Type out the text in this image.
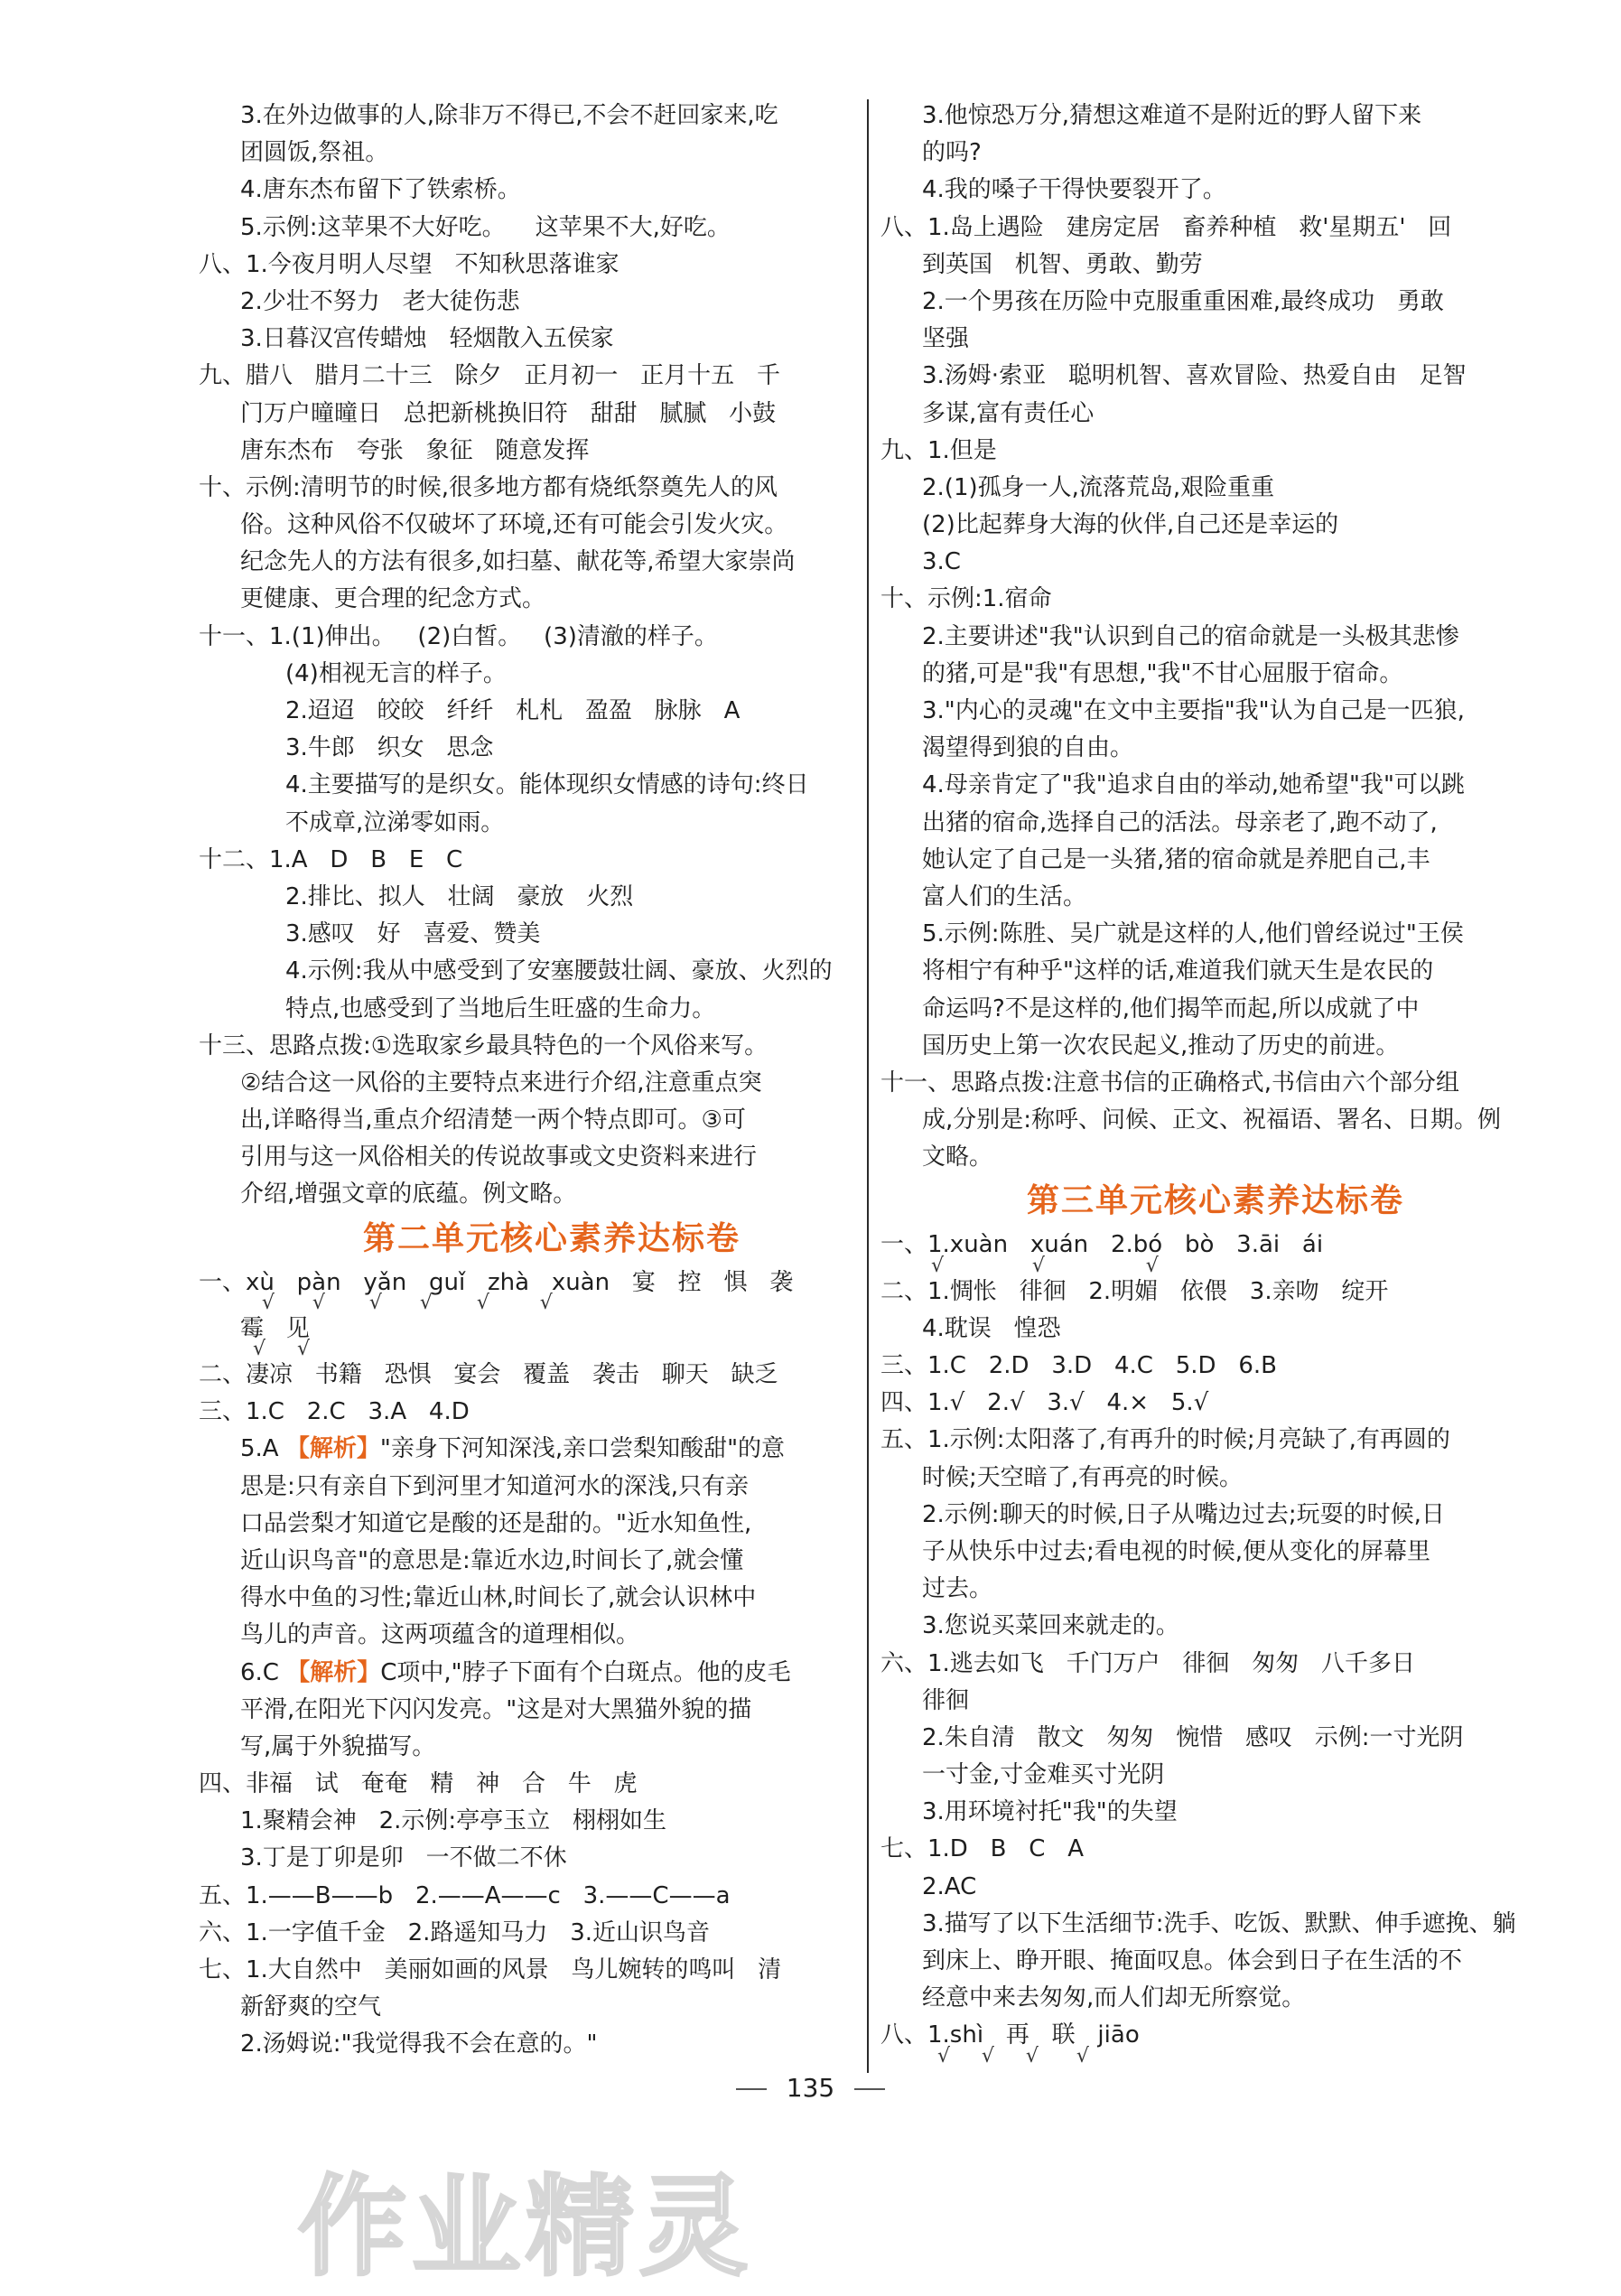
3.在外边做事的人,除非万不得已,不会不赶回家来,吃
团圆饭,祭祖。
4.唐东杰布留下了铁索桥。
5.示例:这苹果不大好吃。    这苹果不大,好吃。
八、1.今夜月明人尽望   不知秋思落谁家
2.少壮不努力   老大徒伤悲
3.日暮汉宫传蜡烛   轻烟散入五侯家
九、腊八   腊月二十三   除夕   正月初一   正月十五   千
门万户曈曈日   总把新桃换旧符   甜甜   腻腻   小鼓
唐东杰布   夸张   象征   随意发挥
十、示例:清明节的时候,很多地方都有烧纸祭奠先人的风
俗。这种风俗不仅破坏了环境,还有可能会引发火灾。
纪念先人的方法有很多,如扫墓、献花等,希望大家崇尚
更健康、更合理的纪念方式。
十一、1.(1)伸出。   (2)白皙。   (3)清澈的样子。
(4)相视无言的样子。
2.迢迢   皎皎   纤纤   札札   盈盈   脉脉   A
3.牛郎   织女   思念
4.主要描写的是织女。能体现织女情感的诗句:终日
不成章,泣涕零如雨。
十二、1.A   D   B   E   C
2.排比、拟人   壮阔   豪放   火烈
3.感叹   好   喜爱、赞美
4.示例:我从中感受到了安塞腰鼓壮阔、豪放、火烈的
特点,也感受到了当地后生旺盛的生命力。
十三、思路点拨:①选取家乡最具特色的一个风俗来写。
②结合这一风俗的主要特点来进行介绍,注意重点突
出,详略得当,重点介绍清楚一两个特点即可。③可
引用与这一风俗相关的传说故事或文史资料来进行
介绍,增强文章的底蕴。例文略。
第二单元核心素养达标卷
一、xù   pàn   yǎn   guǐ   zhà   xuàn   宴   控   惧   袭
√      √       √      √       √        √
霉   见
√     √
二、凄凉   书籍   恐惧   宴会   覆盖   袭击   聊天   缺乏
三、1.C   2.C   3.A   4.D
5.A 【解析】"亲身下河知深浅,亲口尝梨知酸甜"的意
思是:只有亲自下到河里才知道河水的深浅,只有亲
口品尝梨才知道它是酸的还是甜的。"近水知鱼性,
近山识鸟音"的意思是:靠近水边,时间长了,就会懂
得水中鱼的习性;靠近山林,时间长了,就会认识林中
鸟儿的声音。这两项蕴含的道理相似。
6.C 【解析】C项中,"脖子下面有个白斑点。他的皮毛
平滑,在阳光下闪闪发亮。"这是对大黑猫外貌的描
写,属于外貌描写。
四、非福   试   奄奄   精   神   合   牛   虎
1.聚精会神   2.示例:亭亭玉立   栩栩如生
3.丁是丁卯是卯   一不做二不休
五、1.——B——b   2.——A——c   3.——C——a
六、1.一字值千金   2.路遥知马力   3.近山识鸟音
七、1.大自然中   美丽如画的风景   鸟儿婉转的鸣叫   清
新舒爽的空气
2.汤姆说:"我觉得我不会在意的。"
3.他惊恐万分,猜想这难道不是附近的野人留下来
的吗?
4.我的嗓子干得快要裂开了。
八、1.岛上遇险   建房定居   畜养种植   救'星期五'   回
到英国   机智、勇敢、勤劳
2.一个男孩在历险中克服重重困难,最终成功   勇敢
坚强
3.汤姆·索亚   聪明机智、喜欢冒险、热爱自由   足智
多谋,富有责任心
九、1.但是
2.(1)孤身一人,流落荒岛,艰险重重
(2)比起葬身大海的伙伴,自己还是幸运的
3.C
十、示例:1.宿命
2.主要讲述"我"认识到自己的宿命就是一头极其悲惨
的猪,可是"我"有思想,"我"不甘心屈服于宿命。
3."内心的灵魂"在文中主要指"我"认为自己是一匹狼,
渴望得到狼的自由。
4.母亲肯定了"我"追求自由的举动,她希望"我"可以跳
出猪的宿命,选择自己的活法。母亲老了,跑不动了,
她认定了自己是一头猪,猪的宿命就是养肥自己,丰
富人们的生活。
5.示例:陈胜、吴广就是这样的人,他们曾经说过"王侯
将相宁有种乎"这样的话,难道我们就天生是农民的
命运吗?不是这样的,他们揭竿而起,所以成就了中
国历史上第一次农民起义,推动了历史的前进。
十一、思路点拨:注意书信的正确格式,书信由六个部分组
成,分别是:称呼、问候、正文、祝福语、署名、日期。例
文略。
第三单元核心素养达标卷
一、1.xuàn   xuán   2.bó   bò   3.āi   ái
√              √                √
二、1.惆怅   徘徊   2.明媚   依偎   3.亲吻   绽开
4.耽误   惶恐
三、1.C   2.D   3.D   4.C   5.D   6.B
四、1.√   2.√   3.√   4.×   5.√
五、1.示例:太阳落了,有再升的时候;月亮缺了,有再圆的
时候;天空暗了,有再亮的时候。
2.示例:聊天的时候,日子从嘴边过去;玩耍的时候,日
子从快乐中过去;看电视的时候,便从变化的屏幕里
过去。
3.您说买菜回来就走的。
六、1.逃去如飞   千门万户   徘徊   匆匆   八千多日
徘徊
2.朱自清   散文   匆匆   惋惜   感叹   示例:一寸光阴
一寸金,寸金难买寸光阴
3.用环境衬托"我"的失望
七、1.D   B   C   A
2.AC
3.描写了以下生活细节:洗手、吃饭、默默、伸手遮挽、躺
到床上、睁开眼、掩面叹息。体会到日子在生活的不
经意中来去匆匆,而人们却无所察觉。
八、1.shì   再   联   jiāo
√     √     √      √
135
作业精灵
